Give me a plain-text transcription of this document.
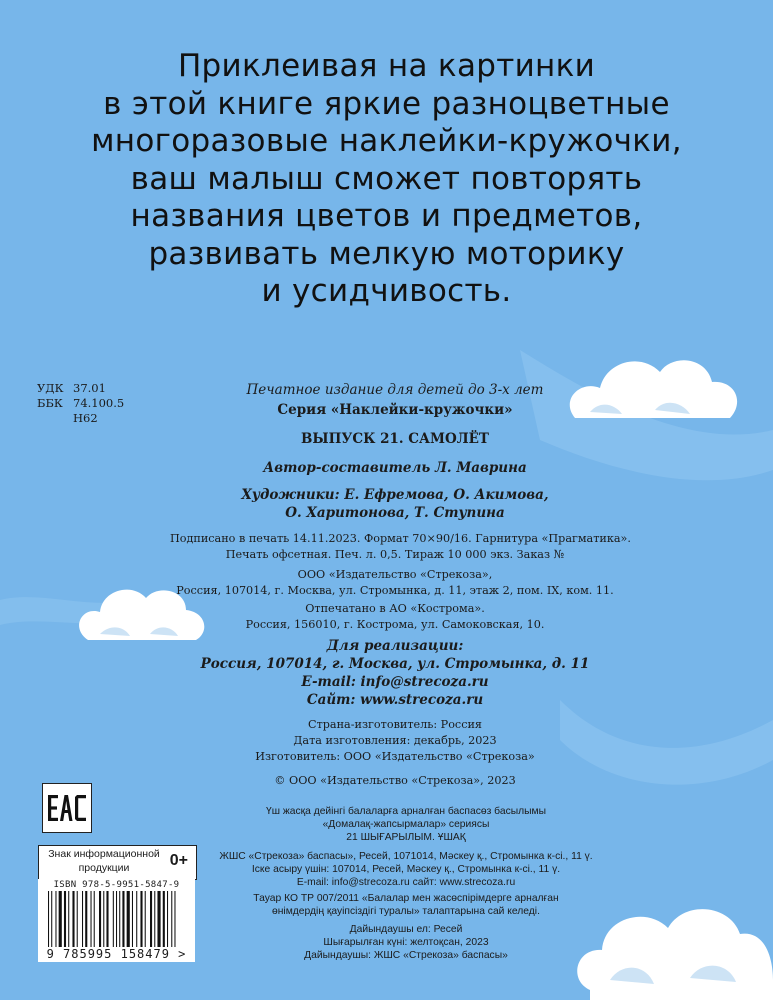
Приклеивая на картинки
в этой книге яркие разноцветные
многоразовые наклейки-кружочки,
ваш малыш сможет повторять
названия цветов и предметов,
развивать мелкую моторику
и усидчивость.
УДК 37.01
ББК 74.100.5
Н62
Печатное издание для детей до 3-х лет
Серия «Наклейки-кружочки»
ВЫПУСК 21. САМОЛЁТ
Автор-составитель Л. Маврина
Художники: Е. Ефремова, О. Акимова,
О. Харитонова, Т. Ступина
Подписано в печать 14.11.2023. Формат 70×90/16. Гарнитура «Прагматика».
Печать офсетная. Печ. л. 0,5. Тираж 10 000 экз. Заказ №
ООО «Издательство «Стрекоза»,
Россия, 107014, г. Москва, ул. Стромынка, д. 11, этаж 2, пом. IX, ком. 11.
Отпечатано в АО «Кострома».
Россия, 156010, г. Кострома, ул. Самоковская, 10.
Для реализации:
Россия, 107014, г. Москва, ул. Стромынка, д. 11
E-mail: info@strecoza.ru
Сайт: www.strecoza.ru
Страна-изготовитель: Россия
Дата изготовления: декабрь, 2023
Изготовитель: ООО «Издательство «Стрекоза»
© ООО «Издательство «Стрекоза», 2023
Үш жасқа дейінгі балаларға арналған баспасөз басылымы
«Домалақ-жапсырмалар» сериясы
21 ШЫҒАРЫЛЫМ. ҰШАҚ
ЖШС «Стрекоза» баспасы», Ресей, 1071014, Мәскеу қ., Стромынка к-сі., 11 ү.
Іске асыру үшін: 107014, Ресей, Мәскеу қ., Стромынка к-сі., 11 ү.
E-mail: info@strecoza.ru сайт: www.strecoza.ru
Тауар КО ТР 007/2011 «Балалар мен жасөспірімдерге арналған
өнімдердің қауіпсіздігі туралы» талаптарына сай келеді.
Дайындаушы ел: Ресей
Шығарылған күні: желтоқсан, 2023
Дайындаушы: ЖШС «Стрекоза» баспасы»
Знак информационной продукции	0+
ISBN 978-5-9951-5847-9
9 785995 158479 >
